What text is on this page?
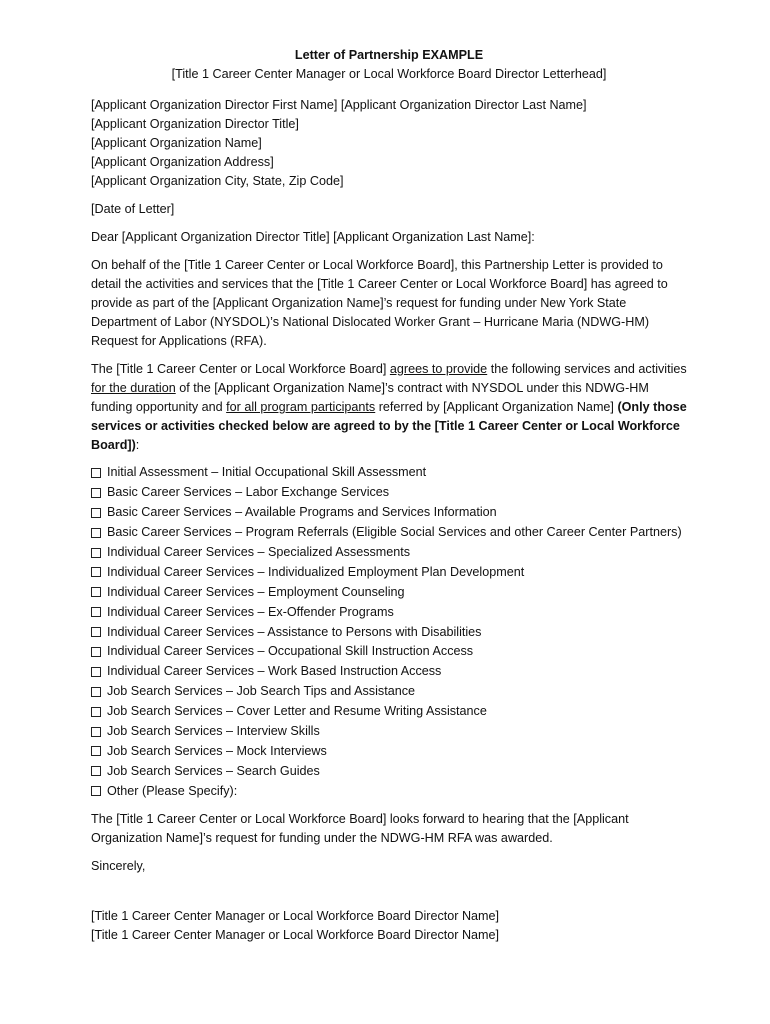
Letter of Partnership EXAMPLE
[Title 1 Career Center Manager or Local Workforce Board Director Letterhead]
[Applicant Organization Director First Name] [Applicant Organization Director Last Name]
[Applicant Organization Director Title]
[Applicant Organization Name]
[Applicant Organization Address]
[Applicant Organization City, State, Zip Code]
[Date of Letter]
Dear [Applicant Organization Director Title] [Applicant Organization Last Name]:
On behalf of the [Title 1 Career Center or Local Workforce Board], this Partnership Letter is provided to detail the activities and services that the [Title 1 Career Center or Local Workforce Board] has agreed to provide as part of the [Applicant Organization Name]’s request for funding under New York State Department of Labor (NYSDOL)’s National Dislocated Worker Grant – Hurricane Maria (NDWG-HM) Request for Applications (RFA).
The [Title 1 Career Center or Local Workforce Board] agrees to provide the following services and activities for the duration of the [Applicant Organization Name]’s contract with NYSDOL under this NDWG-HM funding opportunity and for all program participants referred by [Applicant Organization Name] (Only those services or activities checked below are agreed to by the [Title 1 Career Center or Local Workforce Board]):
Initial Assessment – Initial Occupational Skill Assessment
Basic Career Services – Labor Exchange Services
Basic Career Services – Available Programs and Services Information
Basic Career Services – Program Referrals (Eligible Social Services and other Career Center Partners)
Individual Career Services – Specialized Assessments
Individual Career Services – Individualized Employment Plan Development
Individual Career Services – Employment Counseling
Individual Career Services – Ex-Offender Programs
Individual Career Services – Assistance to Persons with Disabilities
Individual Career Services – Occupational Skill Instruction Access
Individual Career Services – Work Based Instruction Access
Job Search Services – Job Search Tips and Assistance
Job Search Services – Cover Letter and Resume Writing Assistance
Job Search Services – Interview Skills
Job Search Services – Mock Interviews
Job Search Services – Search Guides
Other (Please Specify):
The [Title 1 Career Center or Local Workforce Board] looks forward to hearing that the [Applicant Organization Name]’s request for funding under the NDWG-HM RFA was awarded.
Sincerely,
[Title 1 Career Center Manager or Local Workforce Board Director Name]
[Title 1 Career Center Manager or Local Workforce Board Director Name]
